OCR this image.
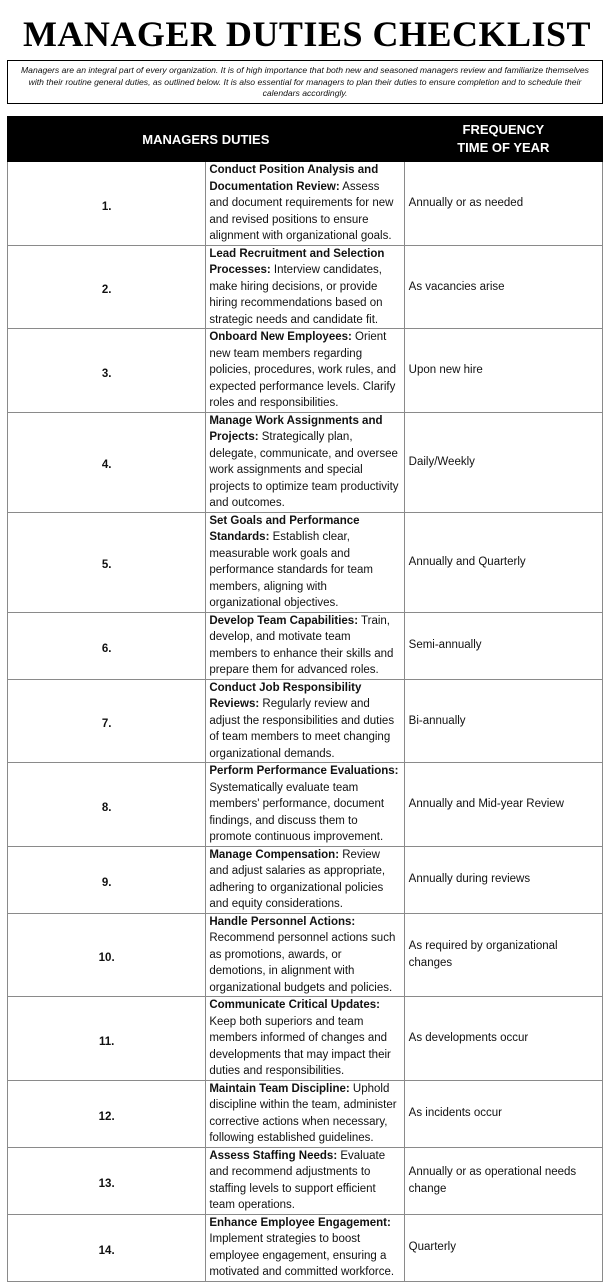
MANAGER DUTIES CHECKLIST
Managers are an integral part of every organization. It is of high importance that both new and seasoned managers review and familiarize themselves with their routine general duties, as outlined below. It is also essential for managers to plan their duties to ensure completion and to schedule their calendars accordingly.
MANAGERS DUTIES		FREQUENCY
TIME OF YEAR
1.	Conduct Position Analysis and Documentation Review: Assess and document requirements for new and revised positions to ensure alignment with organizational goals.	Annually or as needed
2.	Lead Recruitment and Selection Processes: Interview candidates, make hiring decisions, or provide hiring recommendations based on strategic needs and candidate fit.	As vacancies arise
3.	Onboard New Employees: Orient new team members regarding policies, procedures, work rules, and expected performance levels. Clarify roles and responsibilities.	Upon new hire
4.	Manage Work Assignments and Projects: Strategically plan, delegate, communicate, and oversee work assignments and special projects to optimize team productivity and outcomes.	Daily/Weekly
5.	Set Goals and Performance Standards: Establish clear, measurable work goals and performance standards for team members, aligning with organizational objectives.	Annually and Quarterly
6.	Develop Team Capabilities: Train, develop, and motivate team members to enhance their skills and prepare them for advanced roles.	Semi-annually
7.	Conduct Job Responsibility Reviews: Regularly review and adjust the responsibilities and duties of team members to meet changing organizational demands.	Bi-annually
8.	Perform Performance Evaluations: Systematically evaluate team members' performance, document findings, and discuss them to promote continuous improvement.	Annually and Mid-year Review
9.	Manage Compensation: Review and adjust salaries as appropriate, adhering to organizational policies and equity considerations.	Annually during reviews
10.	Handle Personnel Actions: Recommend personnel actions such as promotions, awards, or demotions, in alignment with organizational budgets and policies.	As required by organizational changes
11.	Communicate Critical Updates: Keep both superiors and team members informed of changes and developments that may impact their duties and responsibilities.	As developments occur
12.	Maintain Team Discipline: Uphold discipline within the team, administer corrective actions when necessary, following established guidelines.	As incidents occur
13.	Assess Staffing Needs: Evaluate and recommend adjustments to staffing levels to support efficient team operations.	Annually or as operational needs change
14.	Enhance Employee Engagement: Implement strategies to boost employee engagement, ensuring a motivated and committed workforce.	Quarterly
